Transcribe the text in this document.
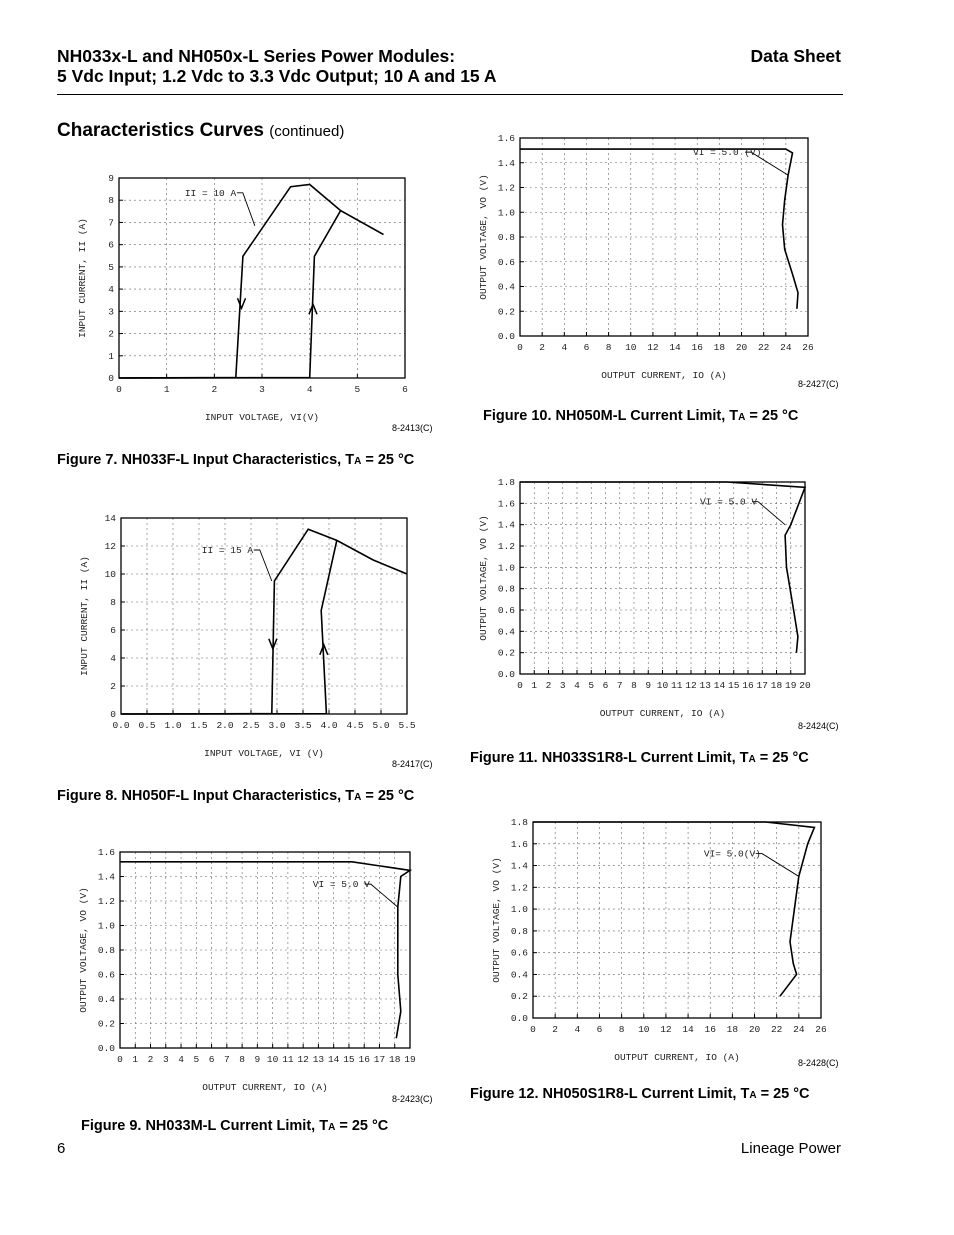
NH033x-L and NH050x-L Series Power Modules:
5 Vdc Input; 1.2 Vdc to 3.3 Vdc Output; 10 A and 15 A
Data Sheet
Characteristics Curves (continued)
0	1	2	3	4	5	6
0
1
2
3
4
5
6
7
8
9
INPUT VOLTAGE, VI(V)
INPUT CURRENT, II (A)
II = 10 A
0.0 0.5 1.0 1.5 2.0 2.5 3.0 3.5 4.0 4.5 5.0 5.5
0
2
4
6
8
10
12
14
INPUT VOLTAGE, VI (V)
INPUT CURRENT, II (A)
II = 15 A
0 1 2 3 4 5 6 7 8 9 10 11 12 13 14 15 16 17 18 19
0.0
0.2
0.4
0.6
0.8
1.0
1.2
1.4
1.6
OUTPUT CURRENT, IO (A)
OUTPUT VOLTAGE, VO (V)
VI = 5.0 V
0 2 4 6 8 10 12 14 16 18 20 22 24 26
0.0
0.2
0.4
0.6
0.8
1.0
1.2
1.4
1.6
OUTPUT CURRENT, IO (A)
OUTPUT VOLTAGE, VO (V)
VI = 5.0 (V)
0 1 2 3 4 5 6 7 8 9 10 11 12 13 14 15 16 17 18 19 20
0.0
0.2
0.4
0.6
0.8
1.0
1.2
1.4
1.6
1.8
OUTPUT CURRENT, IO (A)
OUTPUT VOLTAGE, VO (V)
VI = 5.0 V
0 2 4 6 8 10 12 14 16 18 20 22 24 26
0.0
0.2
0.4
0.6
0.8
1.0
1.2
1.4
1.6
1.8
OUTPUT CURRENT, IO (A)
OUTPUT VOLTAGE, VO (V)
VI= 5.0(V)
8-2413(C)
8-2417(C)
8-2423(C)
8-2427(C)
8-2424(C)
8-2428(C)
Figure 7. NH033F-L Input Characteristics, TA = 25 °C
Figure 8. NH050F-L Input Characteristics, TA = 25 °C
Figure 9. NH033M-L Current Limit, TA = 25 °C
Figure 10. NH050M-L Current Limit, TA = 25 °C
Figure 11. NH033S1R8-L Current Limit, TA = 25 °C
Figure 12. NH050S1R8-L Current Limit, TA = 25 °C
6	Lineage Power
